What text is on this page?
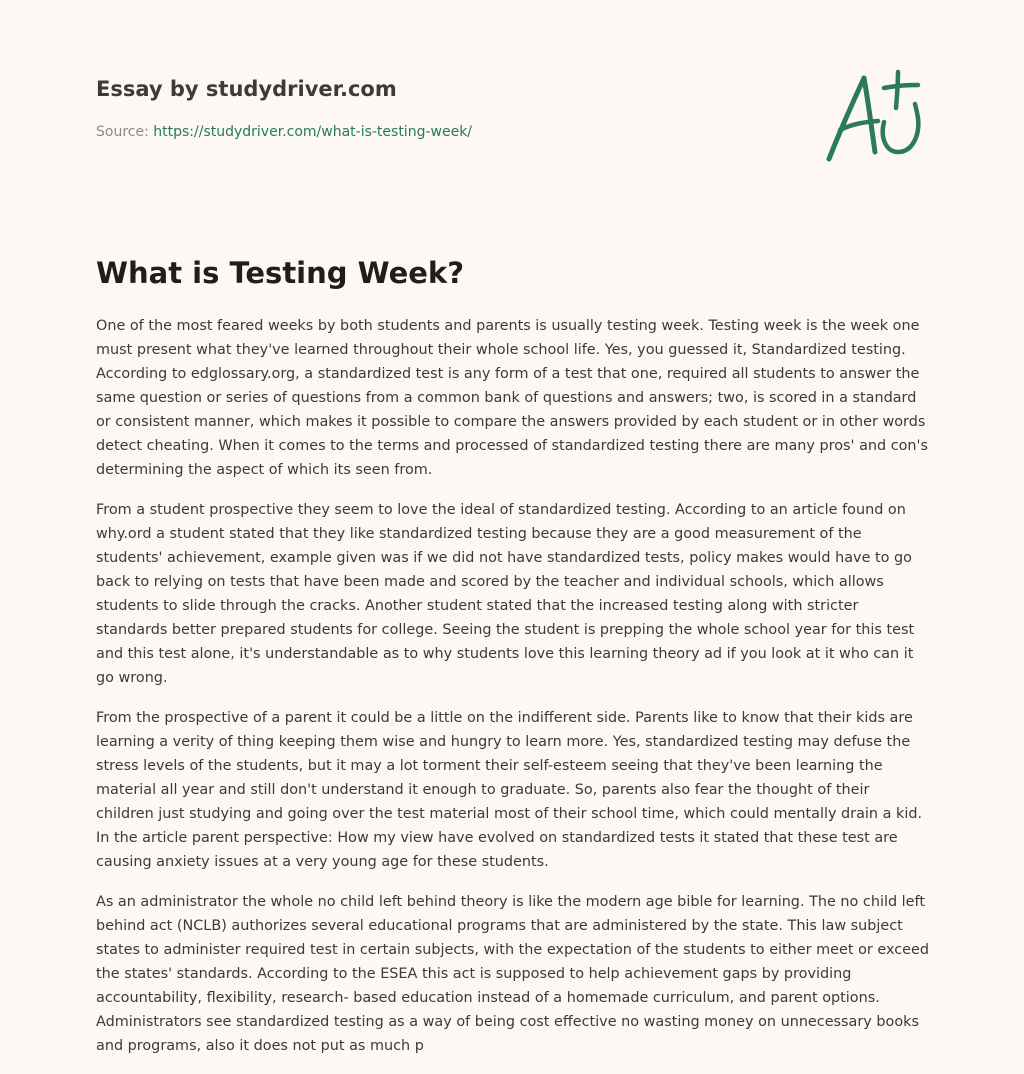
Essay by studydriver.com
Source: https://studydriver.com/what-is-testing-week/
What is Testing Week?

One of the most feared weeks by both students and parents is usually testing week. Testing week is the week one must present what they've learned throughout their whole school life. Yes, you guessed it, Standardized testing. According to edglossary.org, a standardized test is any form of a test that one, required all students to answer the same question or series of questions from a common bank of questions and answers; two, is scored in a standard or consistent manner, which makes it possible to compare the answers provided by each student or in other words detect cheating. When it comes to the terms and processed of standardized testing there are many pros' and con's determining the aspect of which its seen from.

From a student prospective they seem to love the ideal of standardized testing. According to an article found on why.ord a student stated that they like standardized testing because they are a good measurement of the students' achievement, example given was if we did not have standardized tests, policy makes would have to go back to relying on tests that have been made and scored by the teacher and individual schools, which allows students to slide through the cracks. Another student stated that the increased testing along with stricter standards better prepared students for college. Seeing the student is prepping the whole school year for this test and this test alone, it's understandable as to why students love this learning theory ad if you look at it who can it go wrong.

From the prospective of a parent it could be a little on the indifferent side. Parents like to know that their kids are learning a verity of thing keeping them wise and hungry to learn more. Yes, standardized testing may defuse the stress levels of the students, but it may a lot torment their self-esteem seeing that they've been learning the material all year and still don't understand it enough to graduate. So, parents also fear the thought of their children just studying and going over the test material most of their school time, which could mentally drain a kid. In the article parent perspective: How my view have evolved on standardized tests it stated that these test are causing anxiety issues at a very young age for these students.

As an administrator the whole no child left behind theory is like the modern age bible for learning. The no child left behind act (NCLB) authorizes several educational programs that are administered by the state. This law subject states to administer required test in certain subjects, with the expectation of the students to either meet or exceed the states' standards. According to the ESEA this act is supposed to help achievement gaps by providing accountability, flexibility, research- based education instead of a homemade curriculum, and parent options. Administrators see standardized testing as a way of being cost effective no wasting money on unnecessary books and programs, also it does not put as much p
